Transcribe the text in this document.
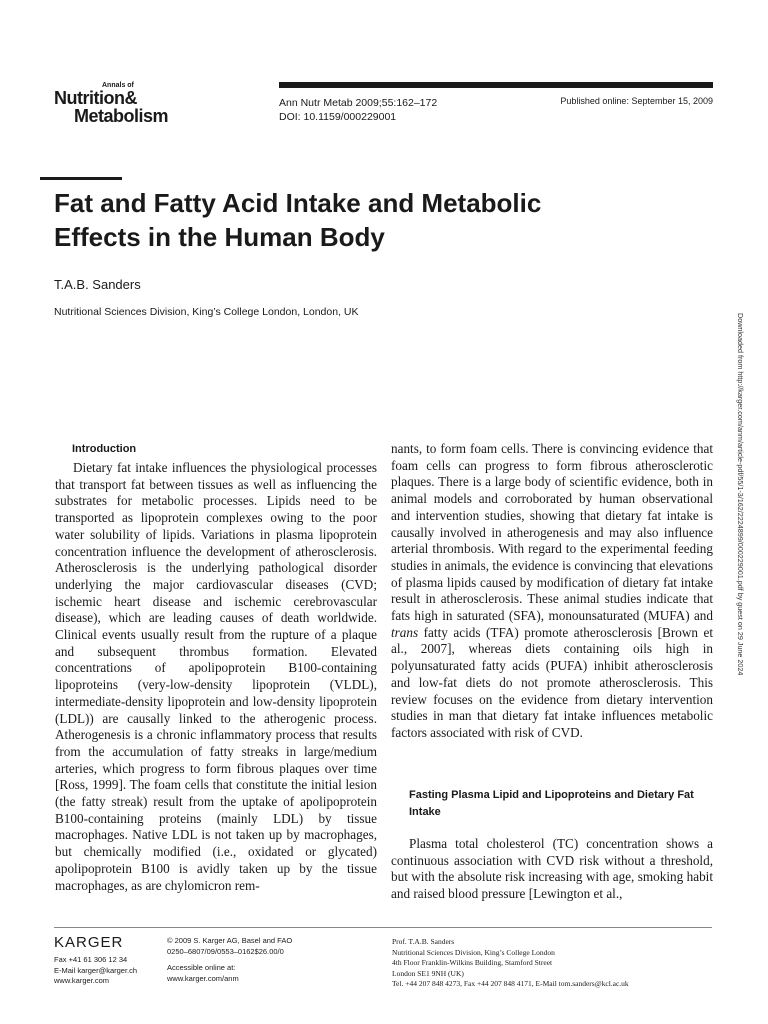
Annals of
Nutrition&
Metabolism
Ann Nutr Metab 2009;55:162–172
DOI: 10.1159/000229001
Published online: September 15, 2009
Fat and Fatty Acid Intake and Metabolic Effects in the Human Body
T.A.B. Sanders
Nutritional Sciences Division, King’s College London, London, UK
Downloaded from http://karger.com/anm/article-pdf/55/1-3/162/2224899/000229001.pdf by guest on 29 June 2024
Introduction

Dietary fat intake influences the physiological processes that transport fat between tissues as well as influencing the substrates for metabolic processes. Lipids need to be transported as lipoprotein complexes owing to the poor water solubility of lipids. Variations in plasma lipoprotein concentration influence the development of atherosclerosis. Atherosclerosis is the underlying pathological disorder underlying the major cardiovascular diseases (CVD; ischemic heart disease and ischemic cerebrovascular disease), which are leading causes of death worldwide. Clinical events usually result from the rupture of a plaque and subsequent thrombus formation. Elevated concentrations of apolipoprotein B100-containing lipoproteins (very-low-density lipoprotein (VLDL), intermediate-density lipoprotein and low-density lipoprotein (LDL)) are causally linked to the atherogenic process. Atherogenesis is a chronic inflammatory process that results from the accumulation of fatty streaks in large/medium arteries, which progress to form fibrous plaques over time [Ross, 1999]. The foam cells that constitute the initial lesion (the fatty streak) result from the uptake of apolipoprotein B100-containing proteins (mainly LDL) by tissue macrophages. Native LDL is not taken up by macrophages, but chemically modified (i.e., oxidated or glycated) apolipoprotein B100 is avidly taken up by the tissue macrophages, as are chylomicron rem-

nants, to form foam cells. There is convincing evidence that foam cells can progress to form fibrous atherosclerotic plaques. There is a large body of scientific evidence, both in animal models and corroborated by human observational and intervention studies, showing that dietary fat intake is causally involved in atherogenesis and may also influence arterial thrombosis. With regard to the experimental feeding studies in animals, the evidence is convincing that elevations of plasma lipids caused by modification of dietary fat intake result in atherosclerosis. These animal studies indicate that fats high in saturated (SFA), monounsaturated (MUFA) and trans fatty acids (TFA) promote atherosclerosis [Brown et al., 2007], whereas diets containing oils high in polyunsaturated fatty acids (PUFA) inhibit atherosclerosis and low-fat diets do not promote atherosclerosis. This review focuses on the evidence from dietary intervention studies in man that dietary fat intake influences metabolic factors associated with risk of CVD.

Fasting Plasma Lipid and Lipoproteins and Dietary Fat Intake

Plasma total cholesterol (TC) concentration shows a continuous association with CVD risk without a threshold, but with the absolute risk increasing with age, smoking habit and raised blood pressure [Lewington et al.,

KARGER
Fax +41 61 306 12 34
E-Mail karger@karger.ch
www.karger.com
© 2009 S. Karger AG, Basel and FAO
0250–6807/09/0553–0162$26.00/0
Accessible online at:
www.karger.com/anm
Prof. T.A.B. Sanders
Nutritional Sciences Division, King’s College London
4th Floor Franklin-Wilkins Building, Stamford Street
London SE1 9NH (UK)
Tel. +44 207 848 4273, Fax +44 207 848 4171, E-Mail tom.sanders@kcl.ac.uk
